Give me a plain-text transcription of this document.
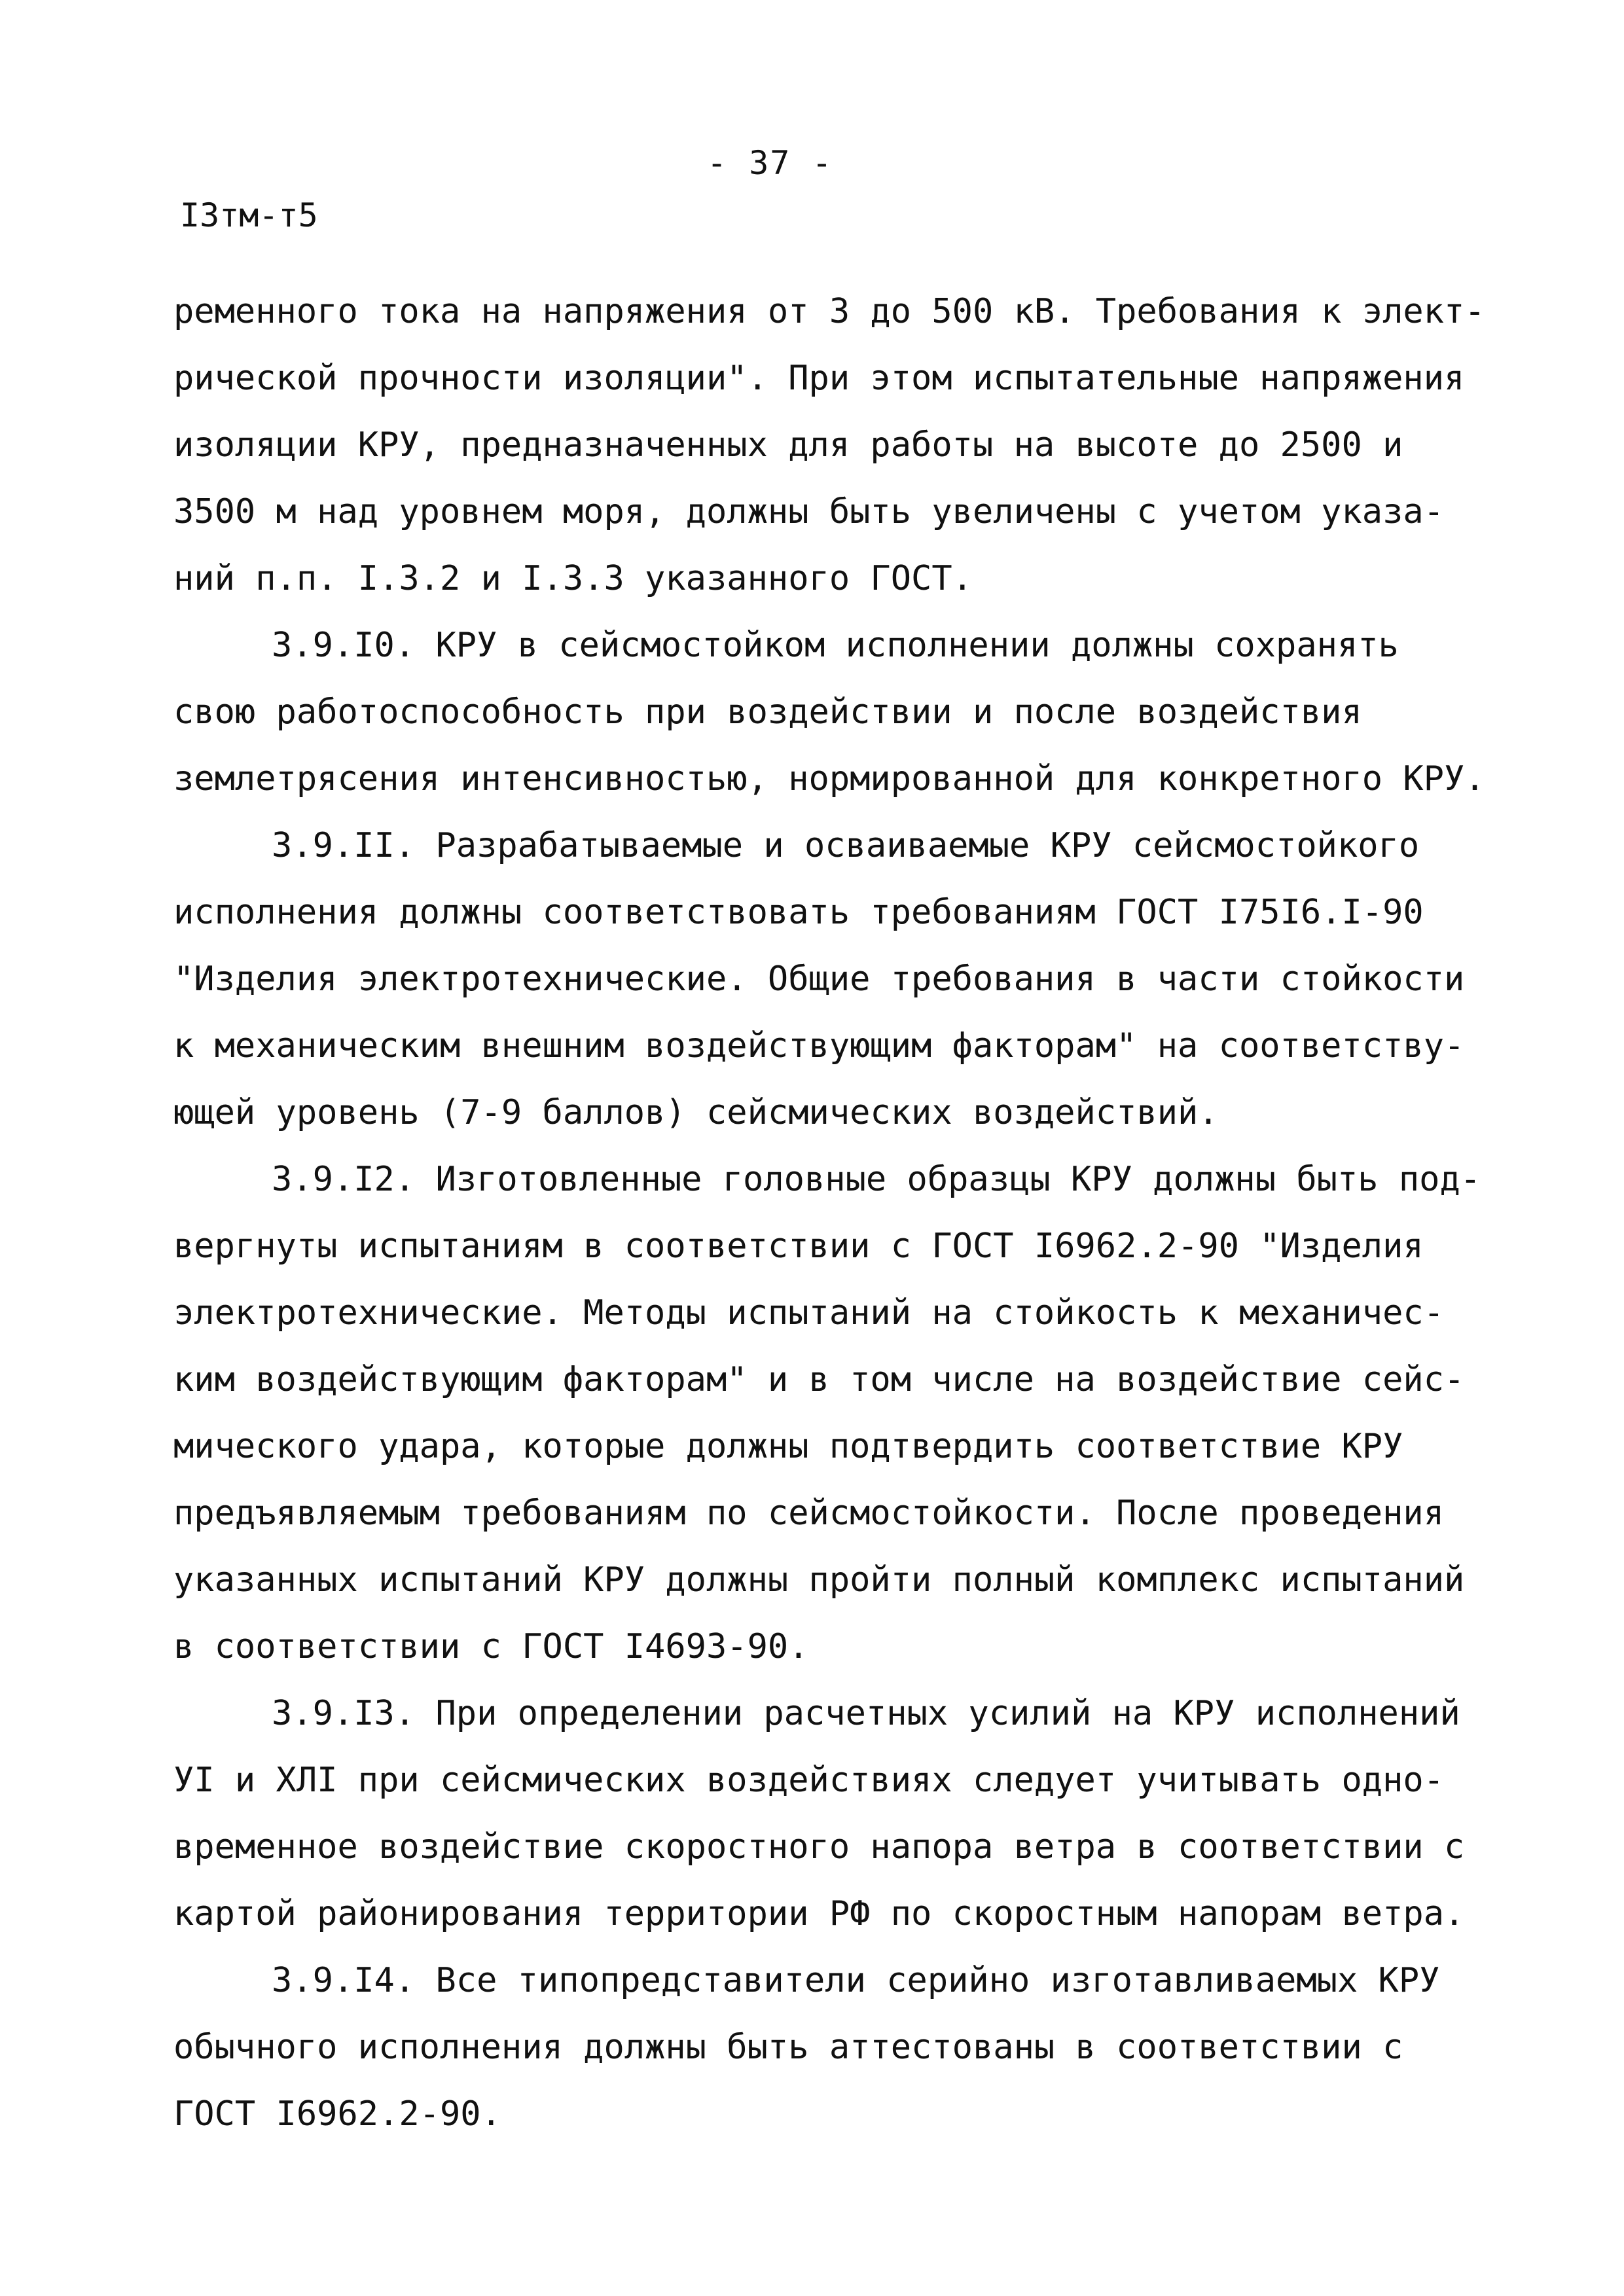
- 37 -
I3тм-т5
ременного тока на напряжения от 3 до 500 кВ. Требования к элект-
рической прочности изоляции". При этом испытательные напряжения
изоляции КРУ, предназначенных для работы на высоте до 2500 и
3500 м над уровнем моря, должны быть увеличены с учетом указа-
ний п.п. I.3.2 и I.3.3 указанного ГОСТ.
3.9.I0. КРУ в сейсмостойком исполнении должны сохранять
свою работоспособность при воздействии и после воздействия
землетрясения интенсивностью, нормированной для конкретного КРУ.
3.9.II. Разрабатываемые и осваиваемые КРУ сейсмостойкого
исполнения должны соответствовать требованиям ГОСТ I75I6.I-90
"Изделия электротехнические. Общие требования в части стойкости
к механическим внешним воздействующим факторам" на соответству-
ющей уровень (7-9 баллов) сейсмических воздействий.
3.9.I2. Изготовленные головные образцы КРУ должны быть под-
вергнуты испытаниям в соответствии с ГОСТ I6962.2-90 "Изделия
электротехнические. Методы испытаний на стойкость к механичес-
ким воздействующим факторам" и в том числе на воздействие сейс-
мического удара, которые должны подтвердить соответствие КРУ
предъявляемым требованиям по сейсмостойкости. После проведения
указанных испытаний КРУ должны пройти полный комплекс испытаний
в соответствии с ГОСТ I4693-90.
3.9.I3. При определении расчетных усилий на КРУ исполнений
УI и ХЛI при сейсмических воздействиях следует учитывать одно-
временное воздействие скоростного напора ветра в соответствии с
картой районирования территории РФ по скоростным напорам ветра.
3.9.I4. Все типопредставители серийно изготавливаемых КРУ
обычного исполнения должны быть аттестованы в соответствии с
ГОСТ I6962.2-90.
